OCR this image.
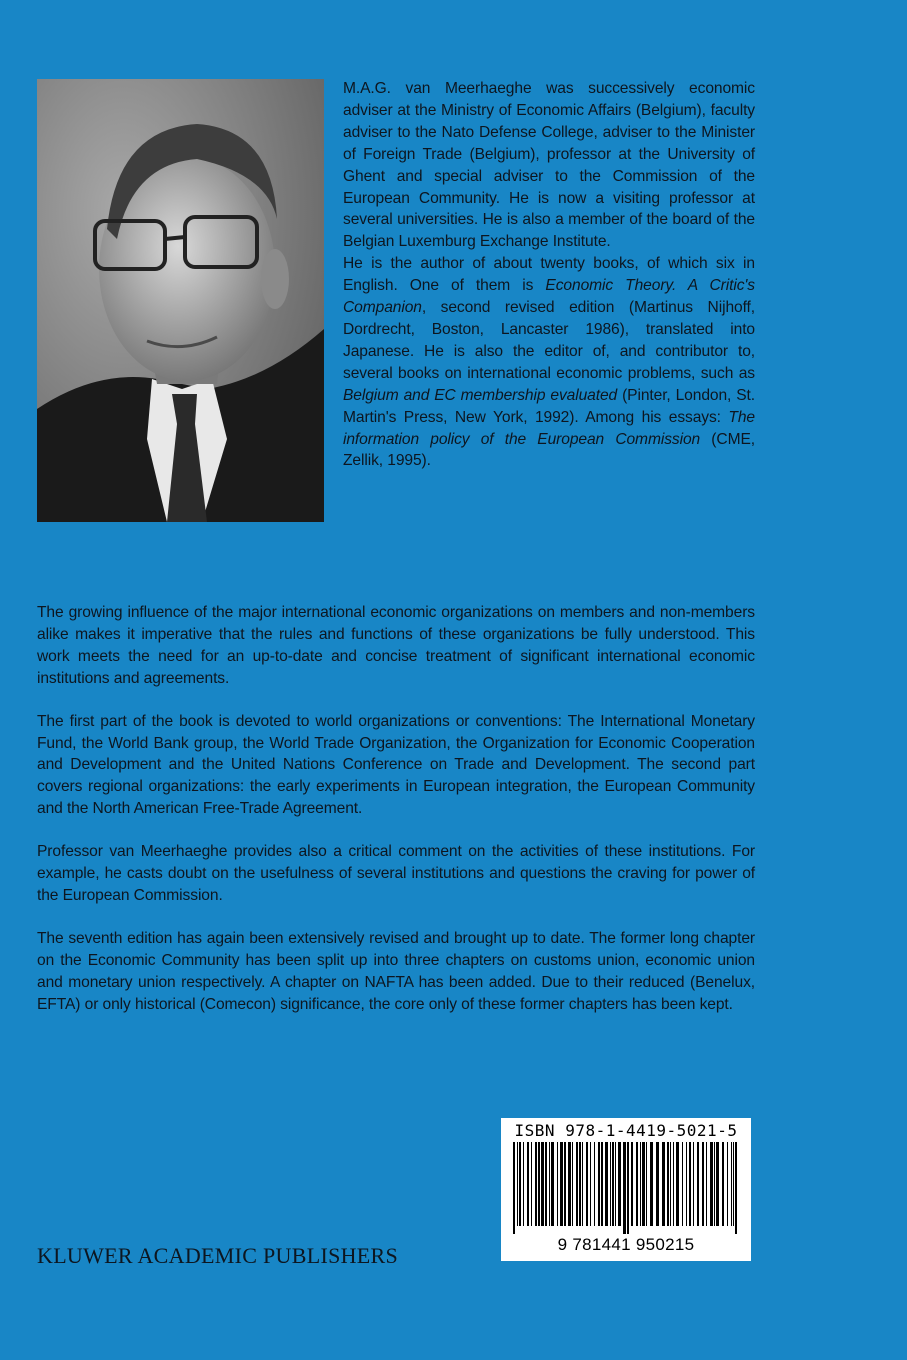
M.A.G. van Meerhaeghe was successively economic adviser at the Ministry of Economic Affairs (Belgium), faculty adviser to the Nato Defense College, adviser to the Minister of Foreign Trade (Belgium), professor at the University of Ghent and special adviser to the Commission of the European Community. He is now a visiting professor at several universities. He is also a member of the board of the Belgian Luxemburg Exchange Institute.

He is the author of about twenty books, of which six in English. One of them is Economic Theory. A Critic's Companion, second revised edition (Martinus Nijhoff, Dordrecht, Boston, Lancaster 1986), translated into Japanese. He is also the editor of, and contributor to, several books on international economic problems, such as Belgium and EC membership evaluated (Pinter, London, St. Martin's Press, New York, 1992). Among his essays: The information policy of the European Commission (CME, Zellik, 1995).

The growing influence of the major international economic organizations on members and non-members alike makes it imperative that the rules and functions of these organizations be fully understood. This work meets the need for an up-to-date and concise treatment of significant international economic institutions and agreements.

The first part of the book is devoted to world organizations or conventions: The International Monetary Fund, the World Bank group, the World Trade Organization, the Organization for Economic Cooperation and Development and the United Nations Conference on Trade and Development. The second part covers regional organizations: the early experiments in European integration, the European Community and the North American Free-Trade Agreement.

Professor van Meerhaeghe provides also a critical comment on the activities of these institutions. For example, he casts doubt on the usefulness of several institutions and questions the craving for power of the European Commission.

The seventh edition has again been extensively revised and brought up to date. The former long chapter on the Economic Community has been split up into three chapters on customs union, economic union and monetary union respectively. A chapter on NAFTA has been added. Due to their reduced (Benelux, EFTA) or only historical (Comecon) significance, the core only of these former chapters has been kept.

ISBN 978-1-4419-5021-5
9 781441 950215
KLUWER ACADEMIC PUBLISHERS
